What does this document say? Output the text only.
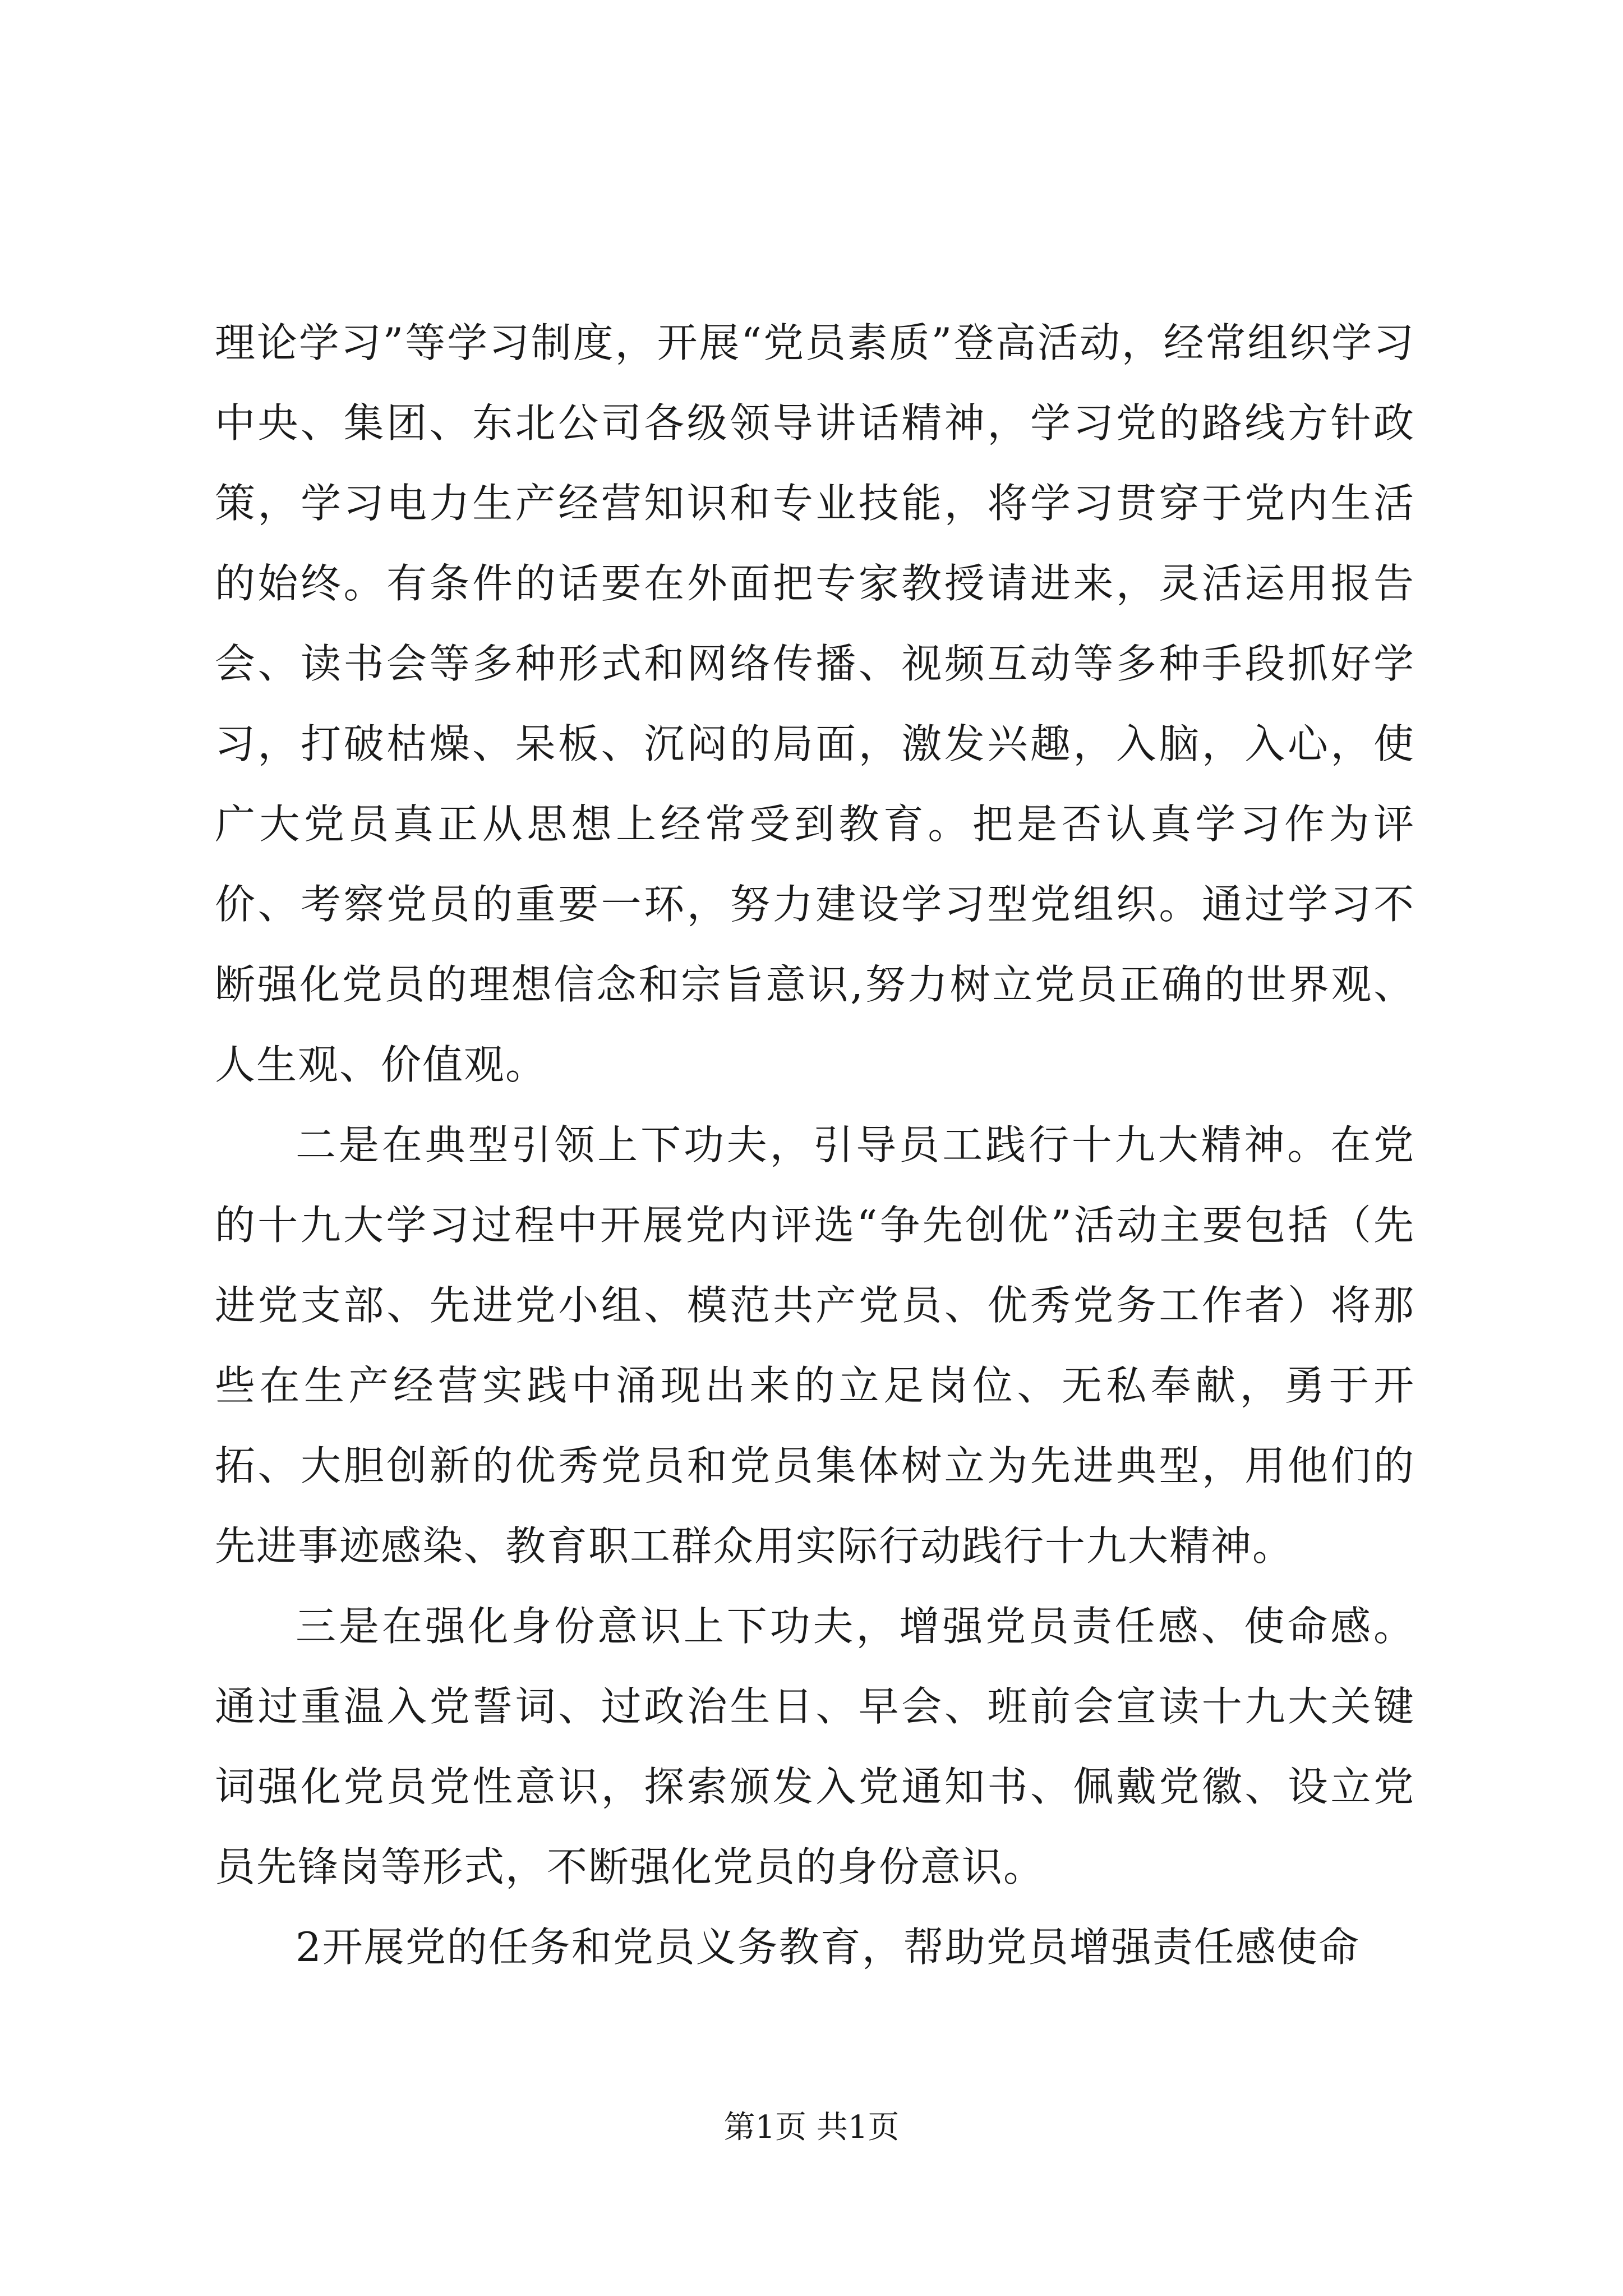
理论学习”等学习制度，开展“党员素质”登高活动，经常组织学习中央、集团、东北公司各级领导讲话精神，学习党的路线方针政策，学习电力生产经营知识和专业技能，将学习贯穿于党内生活的始终。有条件的话要在外面把专家教授请进来，灵活运用报告会、读书会等多种形式和网络传播、视频互动等多种手段抓好学习，打破枯燥、呆板、沉闷的局面，激发兴趣，入脑，入心，使广大党员真正从思想上经常受到教育。把是否认真学习作为评价、考察党员的重要一环，努力建设学习型党组织。通过学习不断强化党员的理想信念和宗旨意识,努力树立党员正确的世界观、人生观、价值观。

二是在典型引领上下功夫，引导员工践行十九大精神。在党的十九大学习过程中开展党内评选“争先创优”活动主要包括（先进党支部、先进党小组、模范共产党员、优秀党务工作者）将那些在生产经营实践中涌现出来的立足岗位、无私奉献，勇于开拓、大胆创新的优秀党员和党员集体树立为先进典型，用他们的先进事迹感染、教育职工群众用实际行动践行十九大精神。

三是在强化身份意识上下功夫，增强党员责任感、使命感。通过重温入党誓词、过政治生日、早会、班前会宣读十九大关键词强化党员党性意识，探索颁发入党通知书、佩戴党徽、设立党员先锋岗等形式，不断强化党员的身份意识。

2开展党的任务和党员义务教育，帮助党员增强责任感使命

第1页 共1页
